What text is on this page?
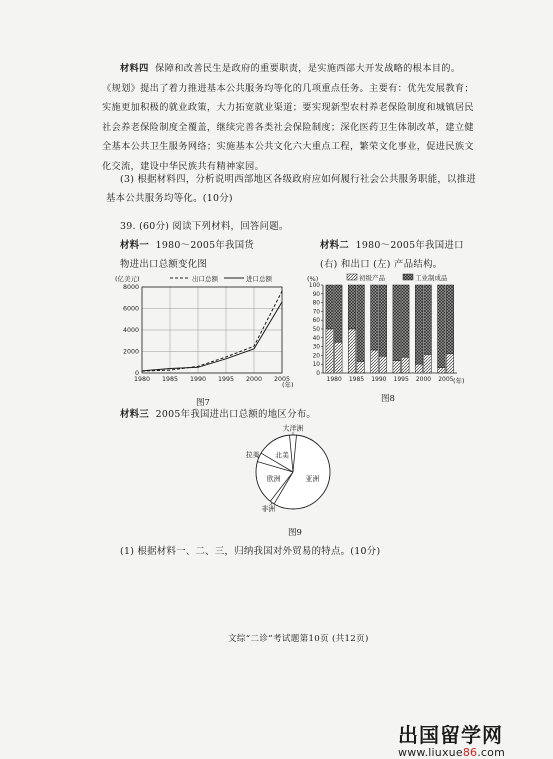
材料四 保障和改善民生是政府的重要职责，是实施西部大开发战略的根本目的。
《规划》提出了着力推进基本公共服务均等化的几项重点任务。主要有：优先发展教育；
实施更加积极的就业政策，大力拓宽就业渠道；要实现新型农村养老保险制度和城镇居民
社会养老保险制度全覆盖，继续完善各类社会保险制度；深化医药卫生体制改革，建立健
全基本公共卫生服务网络；实施基本公共文化六大重点工程，繁荣文化事业，促进民族文
化交流，建设中华民族共有精神家园。
(3) 根据材料四，分析说明西部地区各级政府应如何履行社会公共服务职能，以推进
基本公共服务均等化。(10分)
39. (60分) 阅读下列材料，回答问题。
材料一 1980～2005年我国货
物进出口总额变化图
材料二 1980～2005年我国进口
(右) 和出口 (左) 产品结构。
(亿美元)	出口总额	进口总额
0
2000
4000
6000
8000
1980 1985 1990 1995 2000 2005
(年)
图7
(%)	初级产品	工业制成品
0
10
20
30
40
50
60
70
80
90
100
1980 1985 1990 1995 2000 2005 (年)
图8
材料三 2005年我国进出口总额的地区分布。
亚洲
非洲
欧洲
拉美 北美
大洋洲
图9
(1) 根据材料一、二、三，归纳我国对外贸易的特点。(10分)
文综“二诊”考试题第10页 (共12页)
出国留学网
www.liuxue86.com
